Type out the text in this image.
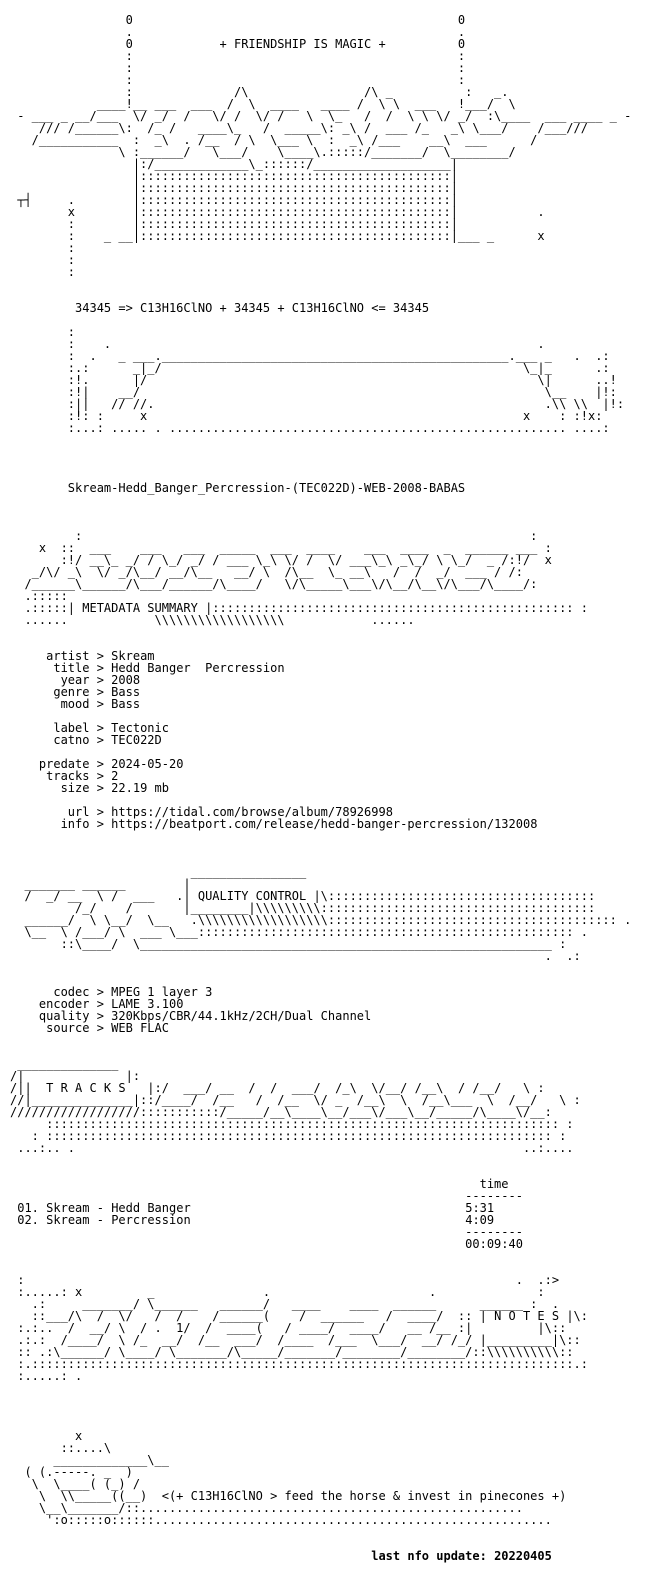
0                                             0
.                                             .
0            + FRIENDSHIP IS MAGIC +          0
:                                             :
:                                             :
:                                             :
:              /\                /\ _          :   _.
____!__ ___  ___  /  \  ____   ____ /  \ \  ___   !___/  \
- ___ _ __/___  \/ _/  /   \/ /  \/ /   \  \_   /  /  \ \ \/ _/  :\____  ___ ____ _ -
/// /______\:  /_ /   ____\_   /  _____\: _\ /  ___ /_   _\ \___/    /___///
/___________  :  _\  . /__  / \  \___ \  :  _\ /___    __\  ___      /
\ :______/   \___/    \____\.:::::/_______/  \________/
|:/_____________\_::::::/___________________|
|:::::::::::::::::::::::::::::::::::::::::::|
|:::::::::::::::::::::::::::::::::::::::::::|
┬┤     .        |:::::::::::::::::::::::::::::::::::::::::::|
x        |:::::::::::::::::::::::::::::::::::::::::::|           .
:        |:::::::::::::::::::::::::::::::::::::::::::|
:    _ __|:::::::::::::::::::::::::::::::::::::::::::|___ _      x
:
:
:

34345 => C13H16ClNO + 34345 + C13H16ClNO <= 34345

:
:    .                                                           .
:  .   _ ___.________________________________________________.___ _   .  .:
:.:      _|_/                                                  \_|_      .:
:!.      |/                                                      \|      ..!
:!|    __/                                                        \__    |!:
:||   // //.                                                      .\\ \\  |!:
:!: :     x                                                    x    : :!x:
:...: ..... . ....................................................... ....:

Skream-Hedd_Banger_Percression-(TEC022D)-WEB-2008-BABAS

:                                                              :
x  ::  ___    ___   ___  _____  ___  ____    ___  ____  _  ______ ___ :
:!/ __\_ _/ / \_/ _/ / ___ \_\ \/ /  \/ ___\_\ _\_/ \ \_/  _ /:!/  x
_/\/ _\  \/ _/\__/ __/\__   __/ \  /\__  \_ __\   /  /  _/  ___ / /:
/______\______/\___/______/\____/   \/\_____\___\/\__/\__\/\___/\____/:
.:::::
.:::::| METADATA SUMMARY |:::::::::::::::::::::::::::::::::::::::::::::::::: :
......            \\\\\\\\\\\\\\\\\\            ......

artist > Skream
title > Hedd Banger  Percression
year > 2008
genre > Bass
mood > Bass

label > Tectonic
catno > TEC022D

predate > 2024-05-20
tracks > 2
size > 22.19 mb

url > https://tidal.com/browse/album/78926998
info > https://beatport.com/release/hedd-banger-percression/132008

________________
_______ ______        |
/  _/ __  \ /  ___   .| QUALITY CONTROL |\:::::::::::::::::::::::::::::::::::::
/_/    /       |________|\\\\\\\\\::::::::::::::::::::::::::::::::::::::
______/  \ \__/  \__   .\\\\\\\\\\\\\\\\\\:::::::::::::::::::::::::::::::::::::::: .
\__  \ /___/ \  ___ \___:::::::::::::::::::::::::::::::::::::::::::::::::::: .
::\____/  \_________________________________________________________ :
.  .:

codec > MPEG 1 layer 3
encoder > LAME 3.100
quality > 320Kbps/CBR/44.1kHz/2CH/Dual Channel
source > WEB FLAC

______________
/|              |:
/||  T R A C K S   |:/  ___/ __  /  /  ___/  /_\  \/__/ /__\  / /__/   \ :
//|______________|::/____/  /__   /  /__  \/ _  /__\  \  /__\___  \  /__/   \ :
//////////////////:::::::::::/_____/__\____\__/___\/___\__/_____/\____\/__:
::::::::::::::::::::::::::::::::::::::::::::::::::::::::::::::::::::::: :
: :::::::::::::::::::::::::::::::::::::::::::::::::::::::::::::::::::::: :
...:.. .                                                              ..:....

time
--------
01. Skream - Hedd Banger	5:31
02. Skream - Percression	4:09
--------
00:09:40

:                                                                    .  .:>
:.....: x         _               .                      .              :
.:     _______/ \______   ______/   ____    ____  ______      ______ :  .
::___/\  /  \/   /  /    /______(    /  ______   /  ____/  :: | N O T E S |\:
:.:..  /  __/ \  / .  1/  /  ____(   / ____/  ____/   __ /__ :|         |\::
.:.:  /____/  \ /_  __/  /__  ___/  /____  /___  \___/  __/ /_/ |_________|\::
:: .:\______/ \____/ \_______/\_____/_______/________/________/::\\\\\\\\\\::
:.:::::::::::::::::::::::::::::::::::::::::::::::::::::::::::::::::::::::::::.:
:.....: .

x
::....\
_____________\__
( (.-----. _  )
\  \____( (_) /
\  \\_____((__)  <(+ C13H16ClNO > feed the horse & invest in pinecones +)
\__\_______/::.....................................................
':o:::::o::::::.......................................................

last nfo update: 20220405
